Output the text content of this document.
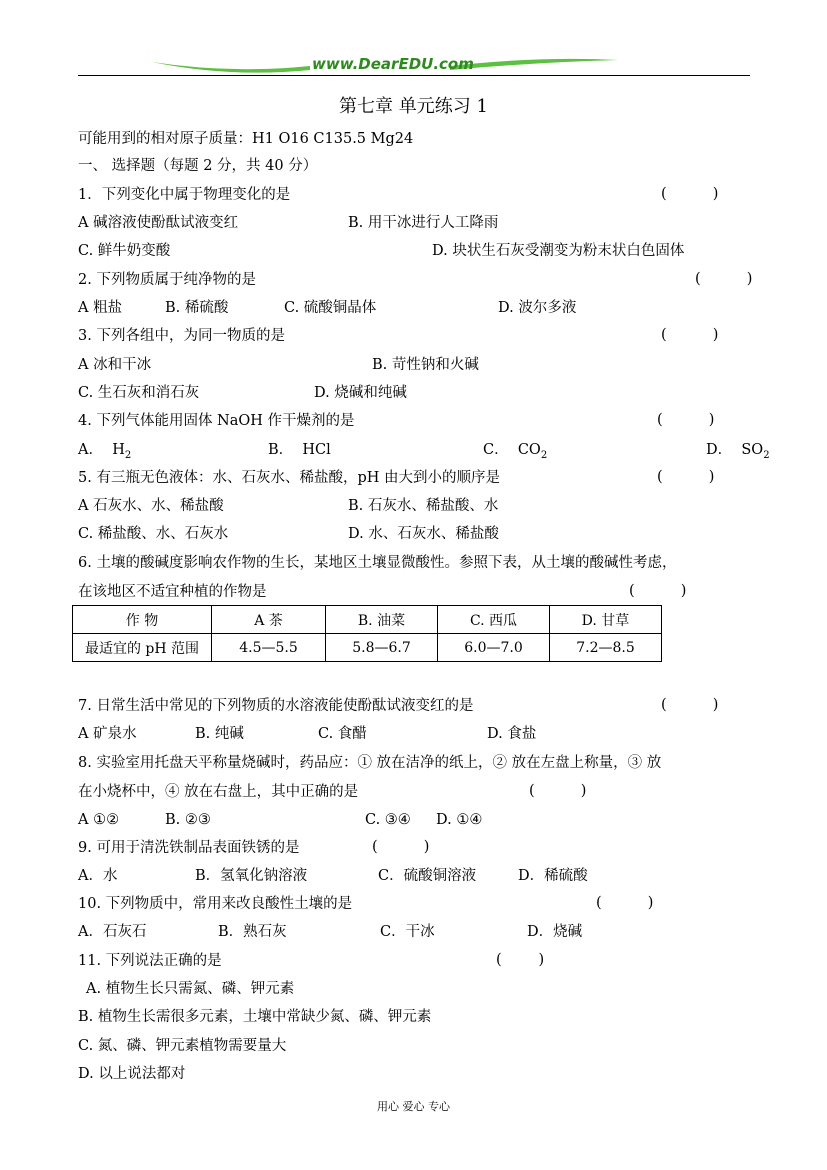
www.DearEDU.com
第七章 单元练习 1
可能用到的相对原子质量：H1 O16 C135.5 Mg24
一、 选择题（每题 2 分，共 40 分）
1．下列变化中属于物理变化的是	(          )
A 碱溶液使酚酞试液变红	B. 用干冰进行人工降雨
C. 鲜牛奶变酸	D. 块状生石灰受潮变为粉末状白色固体
2. 下列物质属于纯净物的是	(          )
A 粗盐	B. 稀硫酸	C. 硫酸铜晶体	D. 波尔多液
3. 下列各组中，为同一物质的是	(          )
A 冰和干冰	B. 苛性钠和火碱
C. 生石灰和消石灰	D. 烧碱和纯碱
4. 下列气体能用固体 NaOH 作干燥剂的是	(          )
A． $H_2$	B． HCl	C． $CO_2$	D． $SO_2$
5. 有三瓶无色液体：水、石灰水、稀盐酸，pH 由大到小的顺序是	(          )
A 石灰水、水、稀盐酸	B. 石灰水、稀盐酸、水
C. 稀盐酸、水、石灰水	D. 水、石灰水、稀盐酸
6. 土壤的酸碱度影响农作物的生长，某地区土壤显微酸性。参照下表，从土壤的酸碱性考虑，
在该地区不适宜种植的作物是	(          )
作 物	A 茶	B. 油菜	C. 西瓜	D. 甘草
最适宜的 pH 范围	4.5—5.5	5.8—6.7	6.0—7.0	7.2—8.5
7. 日常生活中常见的下列物质的水溶液能使酚酞试液变红的是	(          )
A 矿泉水	B. 纯碱	C. 食醋	D. 食盐
8. 实验室用托盘天平称量烧碱时，药品应：① 放在洁净的纸上，② 放在左盘上称量，③ 放
在小烧杯中，④ 放在右盘上，其中正确的是	(          )
A ①②	B. ②③	C. ③④ D. ①④
9. 可用于清洗铁制品表面铁锈的是	(          )
A．水	B．氢氧化钠溶液	C．硫酸铜溶液	D．稀硫酸
10. 下列物质中，常用来改良酸性土壤的是	(          )
A．石灰石	B．熟石灰	C．干冰	D．烧碱
11. 下列说法正确的是	(        )
A. 植物生长只需氮、磷、钾元素
B. 植物生长需很多元素，土壤中常缺少氮、磷、钾元素
C. 氮、磷、钾元素植物需要量大
D. 以上说法都对
用心 爱心 专心
